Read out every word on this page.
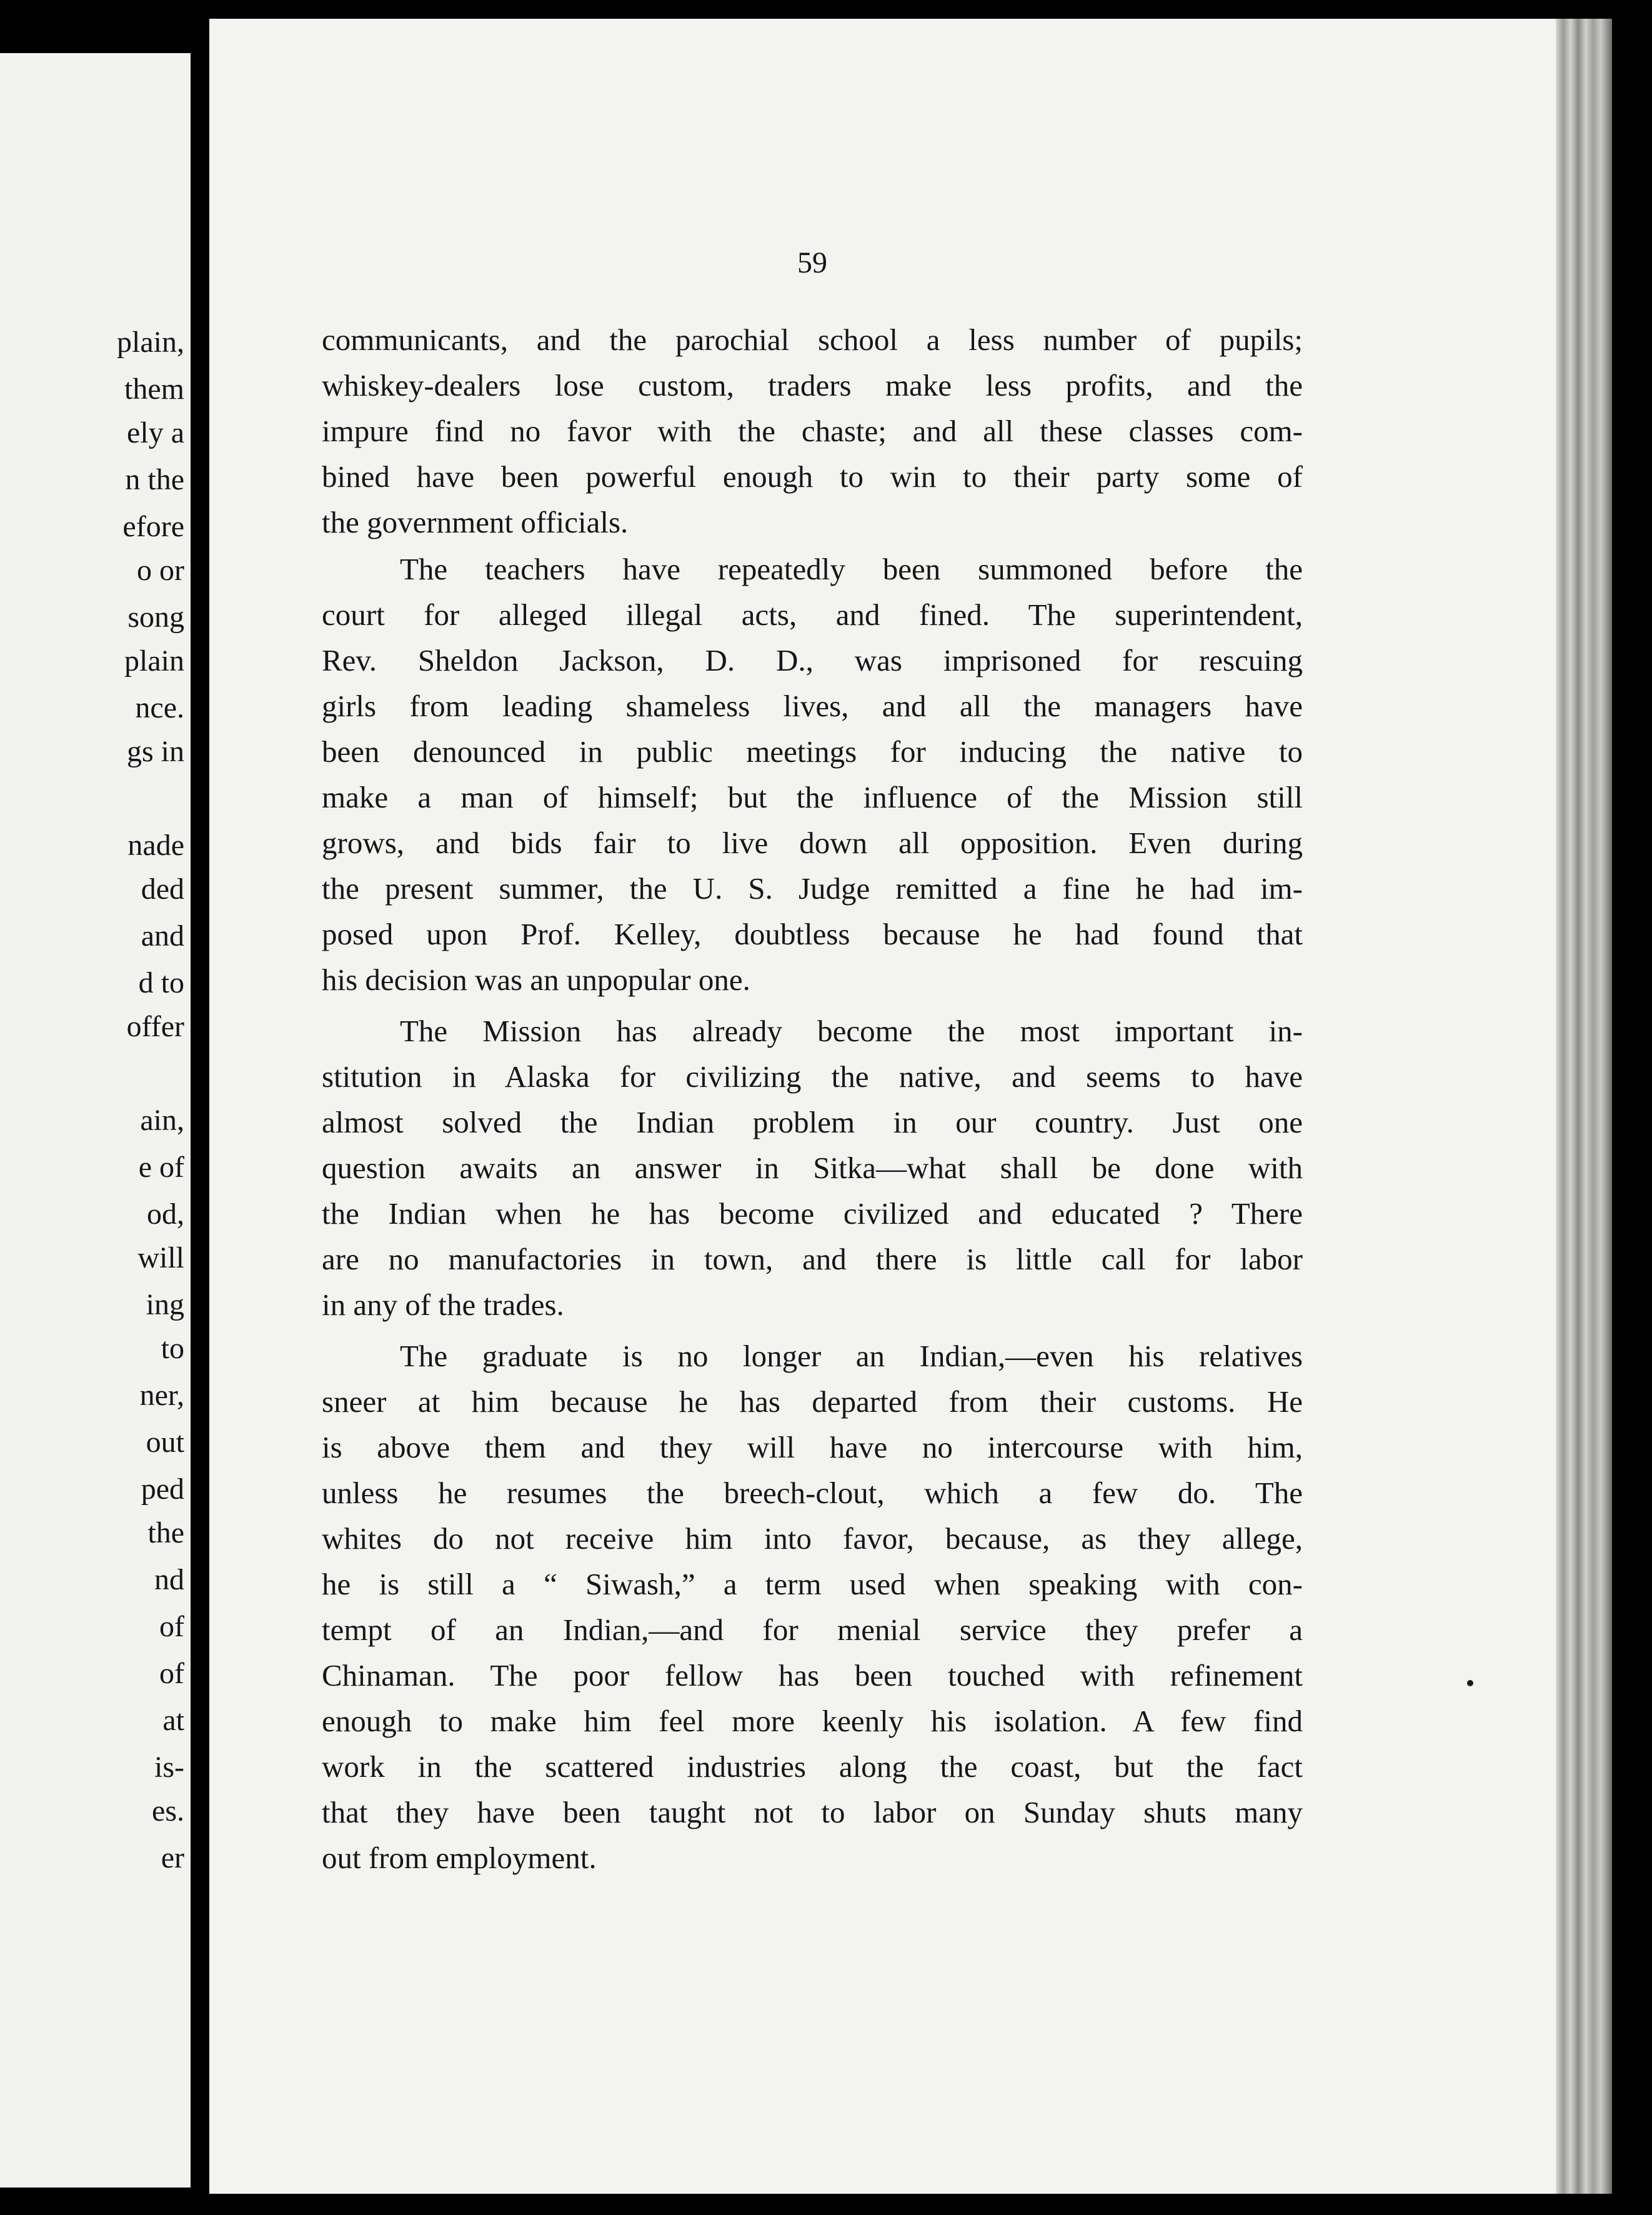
plain,
them
ely a
n the
efore
o or
song
plain
nce.
gs in
nade
ded
and
d to
offer
ain,
e of
od,
will
ing
to
ner,
out
ped
the
nd
of
of
at
is-
es.
er
59
communicants, and the parochial school a less number of pupils;
whiskey-dealers lose custom, traders make less profits, and the
impure find no favor with the chaste; and all these classes com-
bined have been powerful enough to win to their party some of
the government officials.
The teachers have repeatedly been summoned before the
court for alleged illegal acts, and fined. The superintendent,
Rev. Sheldon Jackson, D. D., was imprisoned for rescuing
girls from leading shameless lives, and all the managers have
been denounced in public meetings for inducing the native to
make a man of himself; but the influence of the Mission still
grows, and bids fair to live down all opposition. Even during
the present summer, the U. S. Judge remitted a fine he had im-
posed upon Prof. Kelley, doubtless because he had found that
his decision was an unpopular one.
The Mission has already become the most important in-
stitution in Alaska for civilizing the native, and seems to have
almost solved the Indian problem in our country. Just one
question awaits an answer in Sitka—what shall be done with
the Indian when he has become civilized and educated ? There
are no manufactories in town, and there is little call for labor
in any of the trades.
The graduate is no longer an Indian,—even his relatives
sneer at him because he has departed from their customs. He
is above them and they will have no intercourse with him,
unless he resumes the breech-clout, which a few do. The
whites do not receive him into favor, because, as they allege,
he is still a “ Siwash,” a term used when speaking with con-
tempt of an Indian,—and for menial service they prefer a
Chinaman. The poor fellow has been touched with refinement
enough to make him feel more keenly his isolation. A few find
work in the scattered industries along the coast, but the fact
that they have been taught not to labor on Sunday shuts many
out from employment.
